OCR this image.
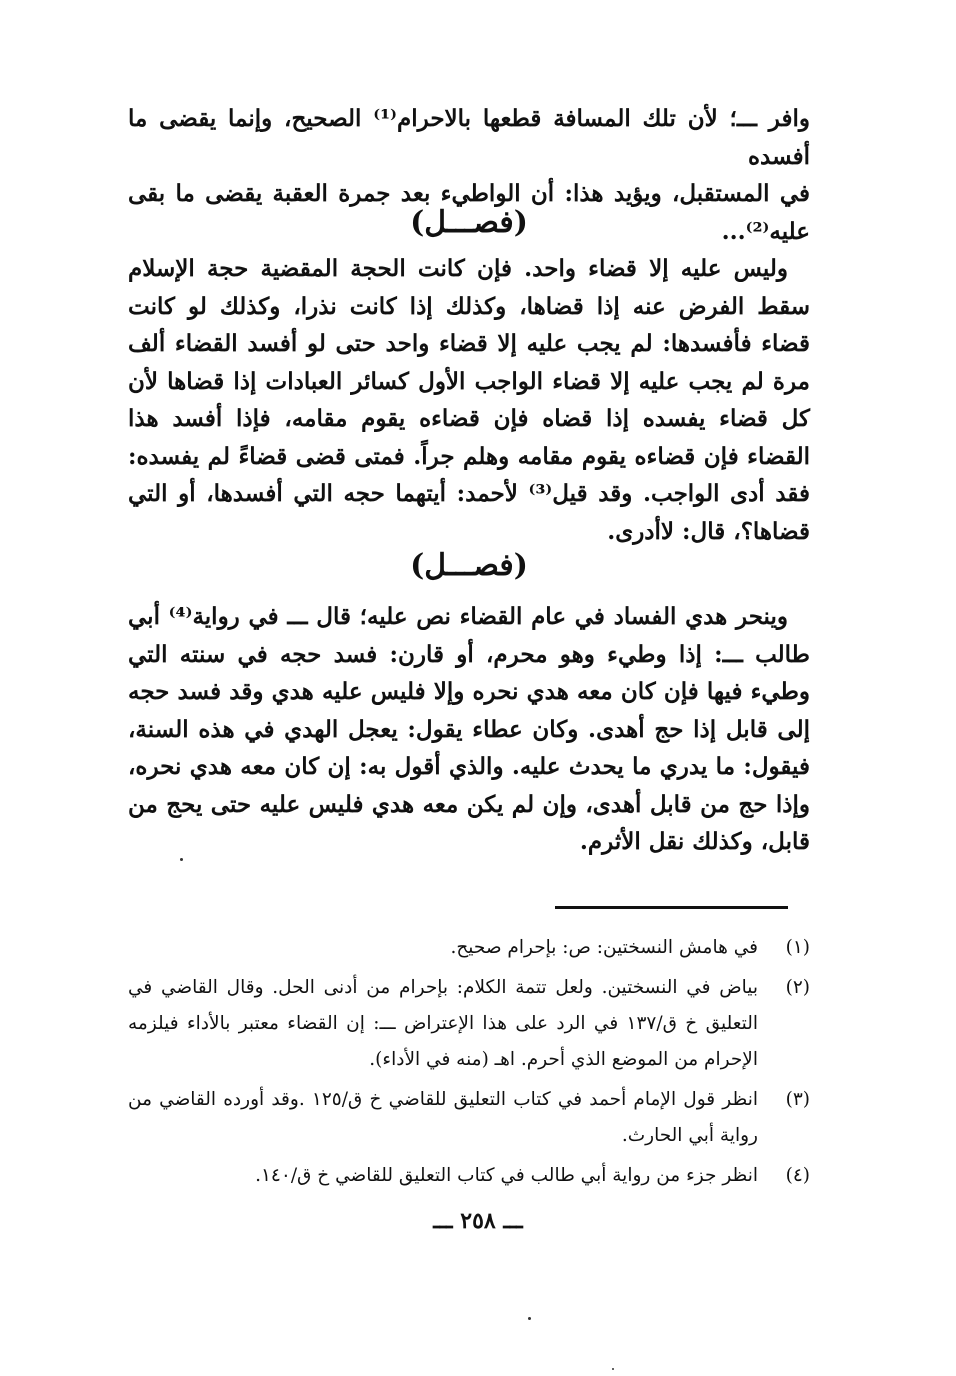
وافر ـــ؛ لأن تلك المسافة قطعها بالاحرام⁽¹⁾ الصحيح، وإنما يقضى ما أفسده
في المستقبل، ويؤيد هذا: أن الواطيء بعد جمرة العقبة يقضى ما بقى عليه⁽²⁾...

(فصـــل)

وليس عليه إلا قضاء واحد. فإن كانت الحجة المقضية حجة الإسلام سقط الفرض عنه إذا قضاها، وكذلك إذا كانت نذرا، وكذلك لو كانت قضاء فأفسدها: لم يجب عليه إلا قضاء واحد حتى لو أفسد القضاء ألف مرة لم يجب عليه إلا قضاء الواجب الأول كسائر العبادات إذا قضاها لأن كل قضاء يفسده إذا قضاه فإن قضاءه يقوم مقامه، فإذا أفسد هذا القضاء فإن قضاءه يقوم مقامه وهلم جراً. فمتى قضى قضاءً لم يفسده: فقد أدى الواجب. وقد قيل⁽³⁾ لأحمد: أيتهما حجه التي أفسدها، أو التي قضاها؟، قال: لاأدرى.

(فصـــل)

وينحر هدي الفساد في عام القضاء نص عليه؛ قال ـــ في رواية⁽⁴⁾ أبي طالب ـــ: إذا وطيء وهو محرم، أو قارن: فسد حجه في سنته التي وطيء فيها فإن كان معه هدي نحره وإلا فليس عليه هدي وقد فسد حجه إلى قابل إذا حج أهدى. وكان عطاء يقول: يعجل الهدي في هذه السنة، فيقول: ما يدري ما يحدث عليه. والذي أقول به: إن كان معه هدي نحره، وإذا حج من قابل أهدى، وإن لم يكن معه هدي فليس عليه حتى يحج من قابل، وكذلك نقل الأثرم.

(١)
في هامش النسختين: ص: بإحرام صحيح.
(٢)
بياض في النسختين. ولعل تتمة الكلام: بإحرام من أدنى الحل. وقال القاضي في التعليق خ ق/١٣٧ في الرد على هذا الإعتراض ـــ: إن القضاء معتبر بالأداء فيلزمه الإحرام من الموضع الذي أحرم. اهـ (منه في الأداء).
(٣)
انظر قول الإمام أحمد في كتاب التعليق للقاضي خ ق/١٢٥ .وقد أورده القاضي من رواية أبي الحارث.
(٤)
انظر جزء من رواية أبي طالب في كتاب التعليق للقاضي خ ق/١٤٠.
ـــ ٢٥٨ ـــ
